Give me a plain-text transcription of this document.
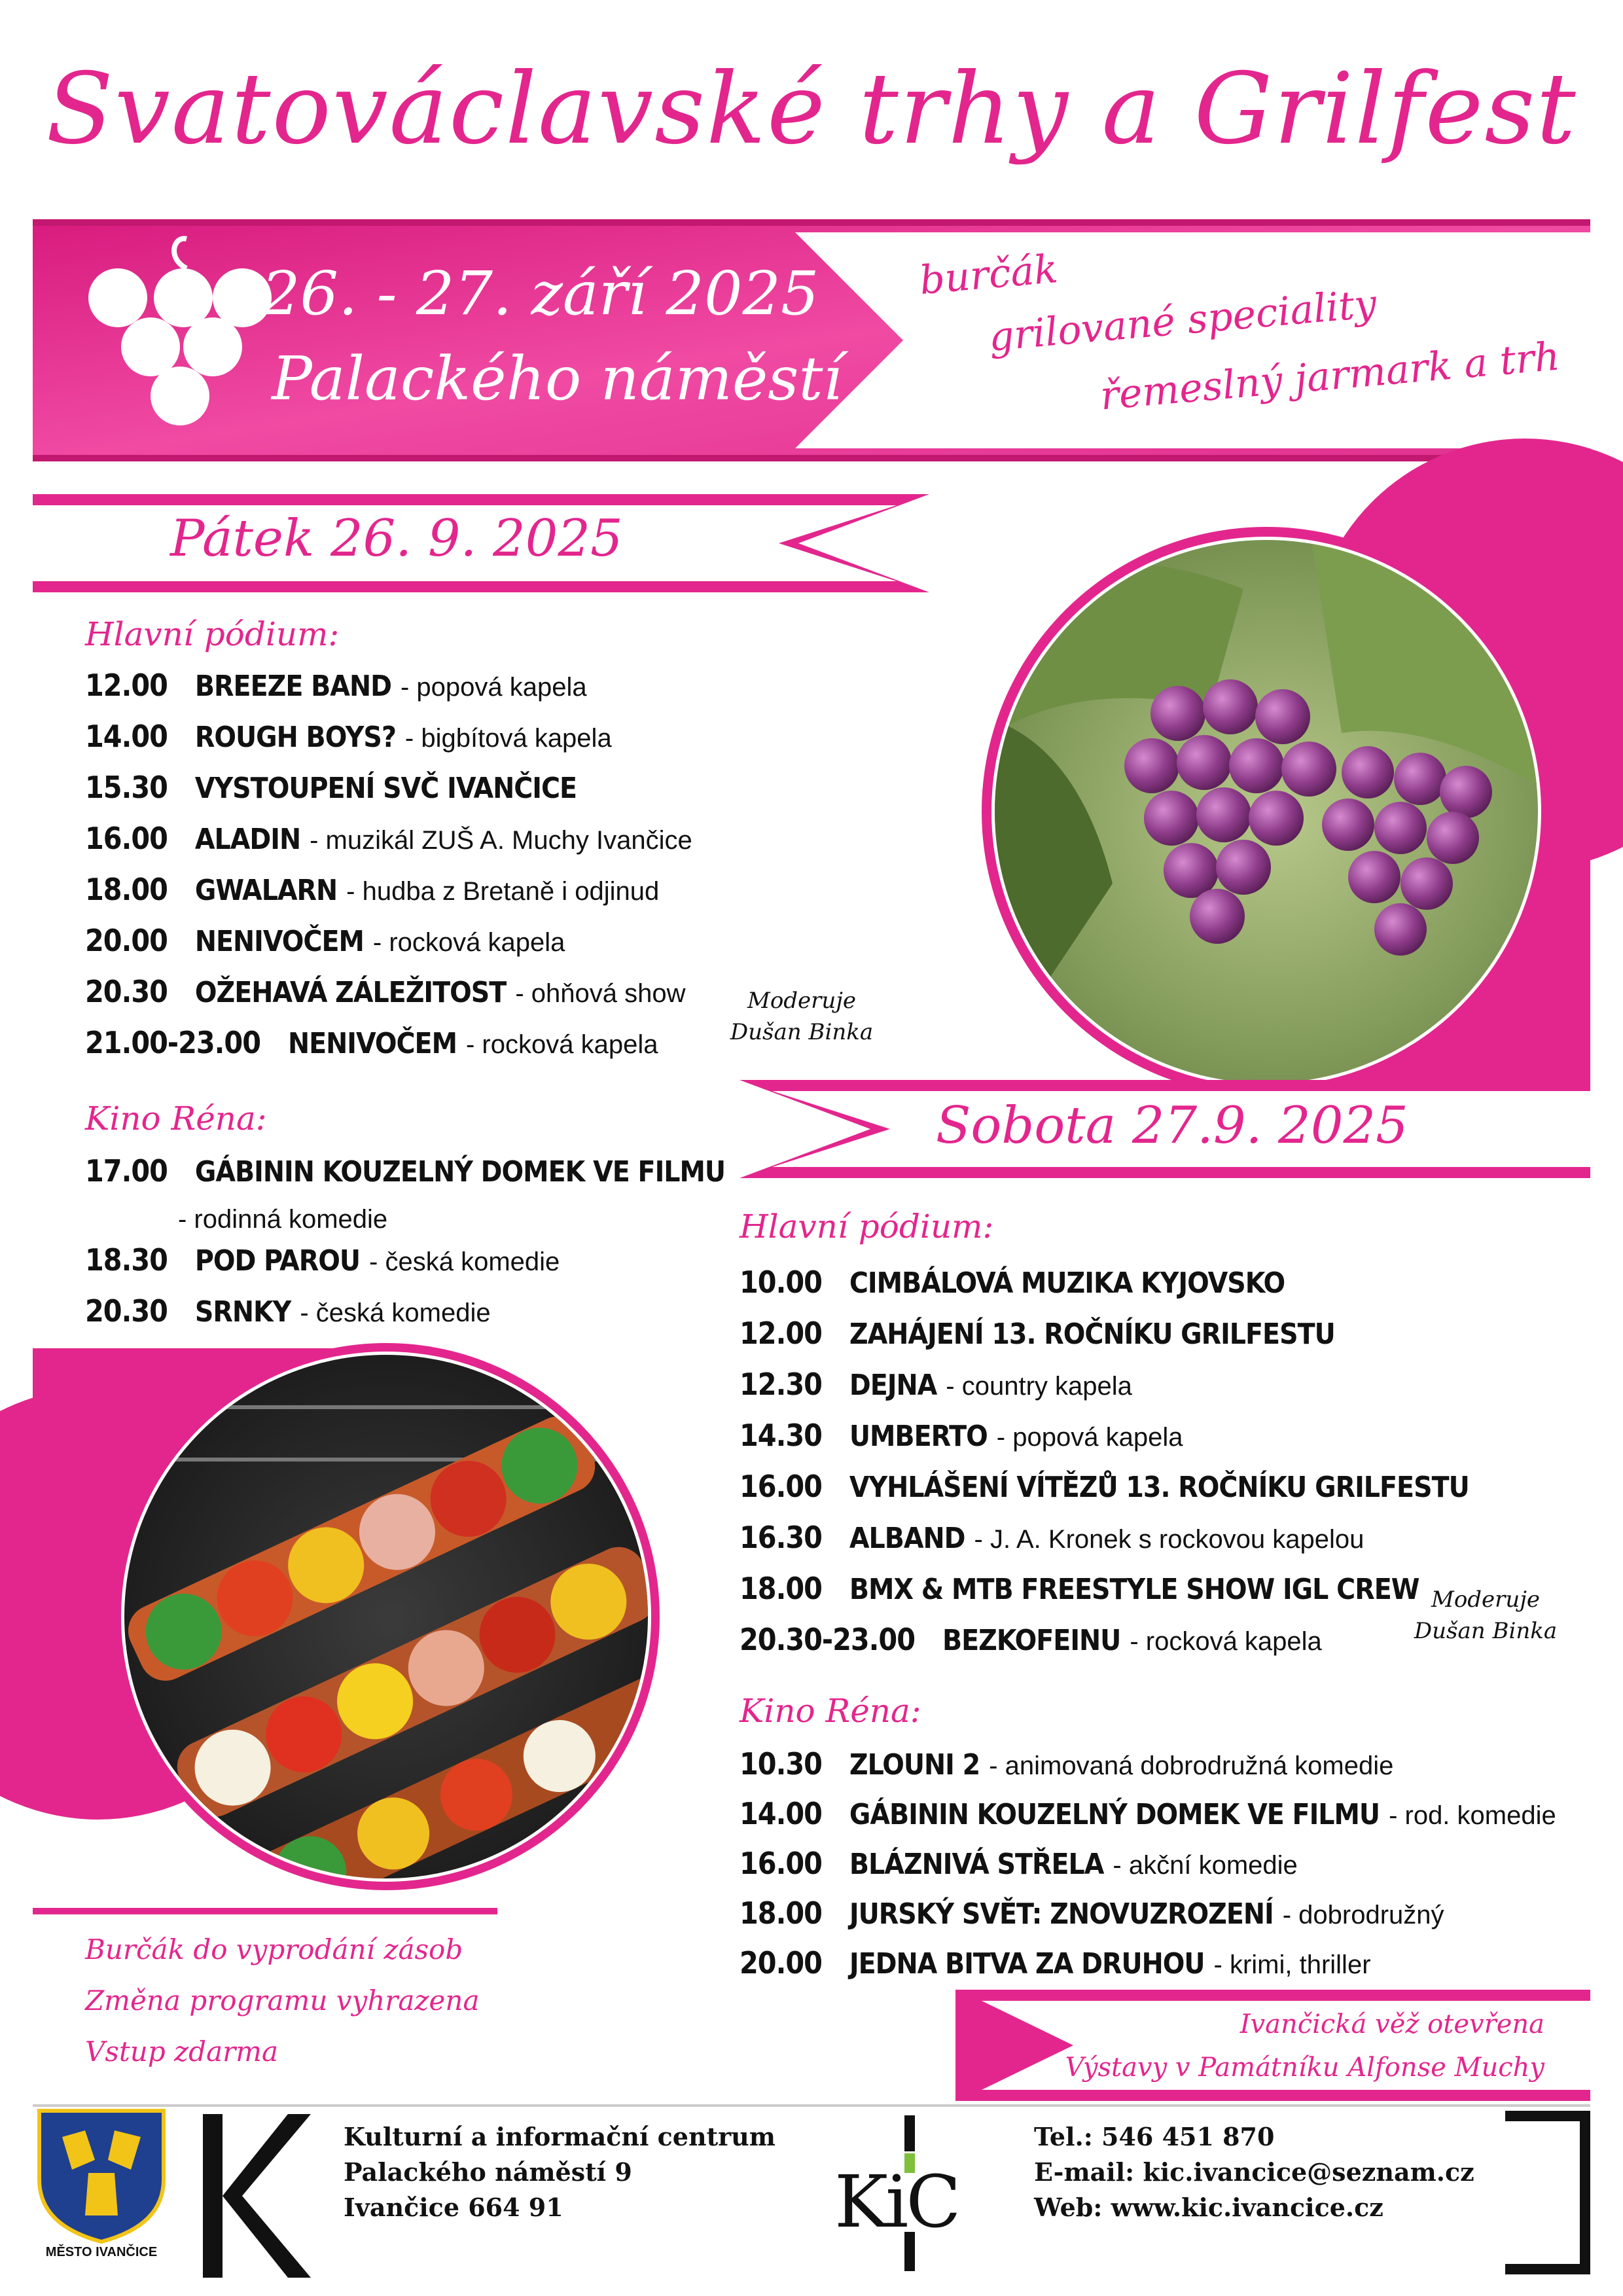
Svatováclavské trhy a Grilfest
26. - 27. září 2025
Palackého náměstí
burčák
grilované speciality
řemeslný jarmark a trh
Pátek 26. 9. 2025
Hlavní pódium:
12.00 BREEZE BAND - popová kapela
14.00 ROUGH BOYS? - bigbítová kapela
15.30 VYSTOUPENÍ SVČ IVANČICE
16.00 ALADIN - muzikál ZUŠ A. Muchy Ivančice
18.00 GWALARN - hudba z Bretaně i odjinud
20.00 NENIVOČEM - rocková kapela
20.30 OŽEHAVÁ ZÁLEŽITOST - ohňová show
21.00-23.00 NENIVOČEM - rocková kapela
Moderuje
Dušan Binka
Kino Réna:
17.00 GÁBININ KOUZELNÝ DOMEK VE FILMU
- rodinná komedie
18.30 POD PAROU - česká komedie
20.30 SRNKY - česká komedie
Sobota 27.9. 2025
Hlavní pódium:
10.00 CIMBÁLOVÁ MUZIKA KYJOVSKO
12.00 ZAHÁJENÍ 13. ROČNÍKU GRILFESTU
12.30 DEJNA - country kapela
14.30 UMBERTO - popová kapela
16.00 VYHLÁŠENÍ VÍTĚZŮ 13. ROČNÍKU GRILFESTU
16.30 ALBAND - J. A. Kronek s rockovou kapelou
18.00 BMX & MTB FREESTYLE SHOW IGL CREW
20.30-23.00 BEZKOFEINU - rocková kapela
Moderuje
Dušan Binka
Kino Réna:
10.30 ZLOUNI 2 - animovaná dobrodružná komedie
14.00 GÁBININ KOUZELNÝ DOMEK VE FILMU - rod. komedie
16.00 BLÁZNIVÁ STŘELA - akční komedie
18.00 JURSKÝ SVĚT: ZNOVUZROZENÍ - dobrodružný
20.00 JEDNA BITVA ZA DRUHOU - krimi, thriller
Burčák do vyprodání zásob
Změna programu vyhrazena
Vstup zdarma
Ivančická věž otevřena
Výstavy v Památníku Alfonse Muchy
MĚSTO IVANČICE
Kulturní a informační centrum
Palackého náměstí 9
Ivančice 664 91	KiC
Tel.: 546 451 870
E-mail: kic.ivancice@seznam.cz
Web: www.kic.ivancice.cz
